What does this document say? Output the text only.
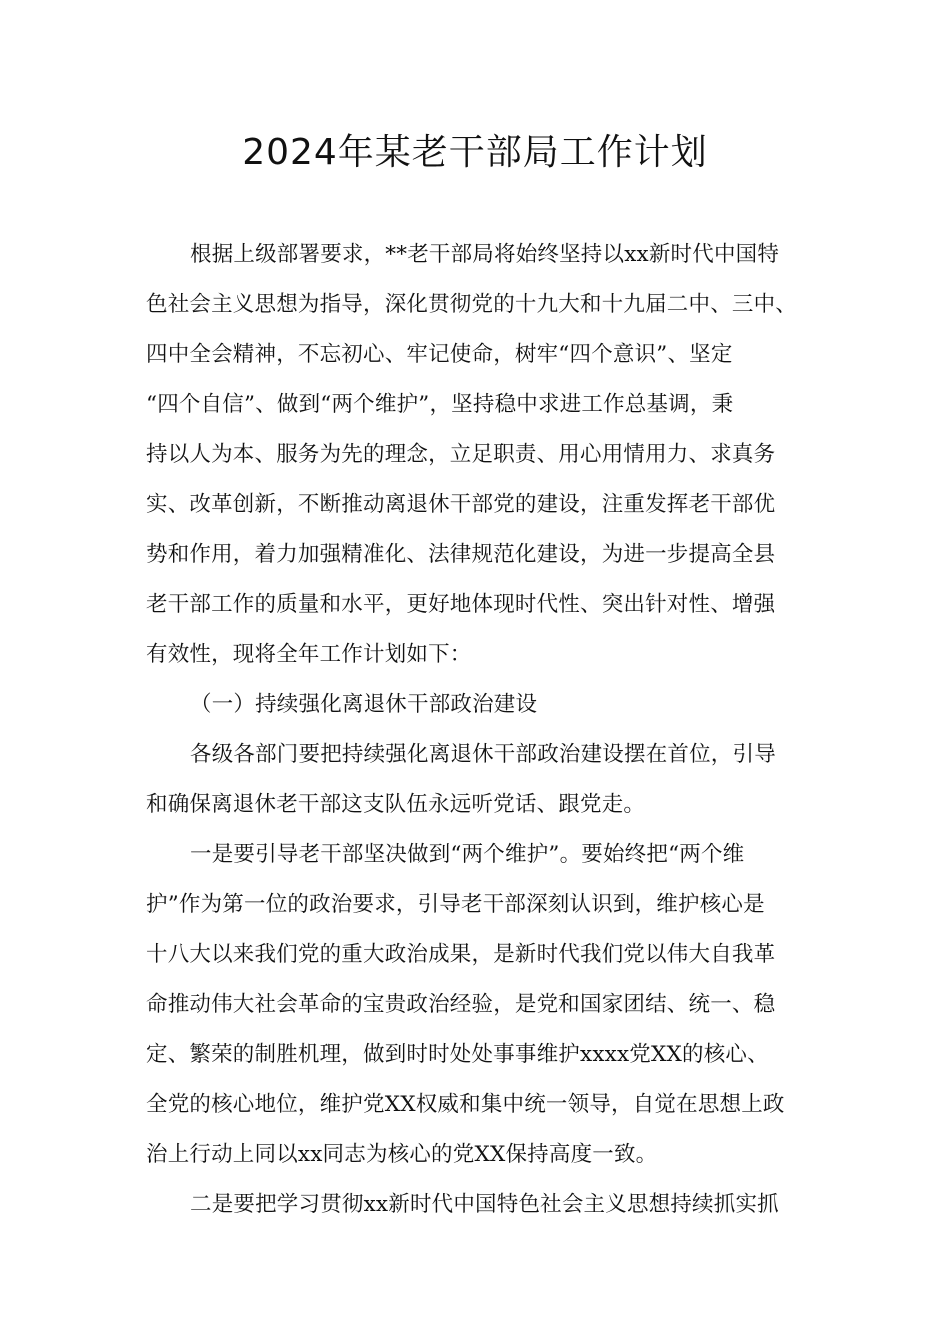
2024年某老干部局工作计划
根据上级部署要求，**老干部局将始终坚持以xx新时代中国特
色社会主义思想为指导，深化贯彻党的十九大和十九届二中、三中、
四中全会精神，不忘初心、牢记使命，树牢“四个意识”、坚定
“四个自信”、做到“两个维护”，坚持稳中求进工作总基调，秉
持以人为本、服务为先的理念，立足职责、用心用情用力、求真务
实、改革创新，不断推动离退休干部党的建设，注重发挥老干部优
势和作用，着力加强精准化、法律规范化建设，为进一步提高全县
老干部工作的质量和水平，更好地体现时代性、突出针对性、增强
有效性，现将全年工作计划如下：
（一）持续强化离退休干部政治建设
各级各部门要把持续强化离退休干部政治建设摆在首位，引导
和确保离退休老干部这支队伍永远听党话、跟党走。
一是要引导老干部坚决做到“两个维护”。要始终把“两个维
护”作为第一位的政治要求，引导老干部深刻认识到，维护核心是
十八大以来我们党的重大政治成果，是新时代我们党以伟大自我革
命推动伟大社会革命的宝贵政治经验，是党和国家团结、统一、稳
定、繁荣的制胜机理，做到时时处处事事维护xxxx党XX的核心、
全党的核心地位，维护党XX权威和集中统一领导，自觉在思想上政
治上行动上同以xx同志为核心的党XX保持高度一致。
二是要把学习贯彻xx新时代中国特色社会主义思想持续抓实抓
